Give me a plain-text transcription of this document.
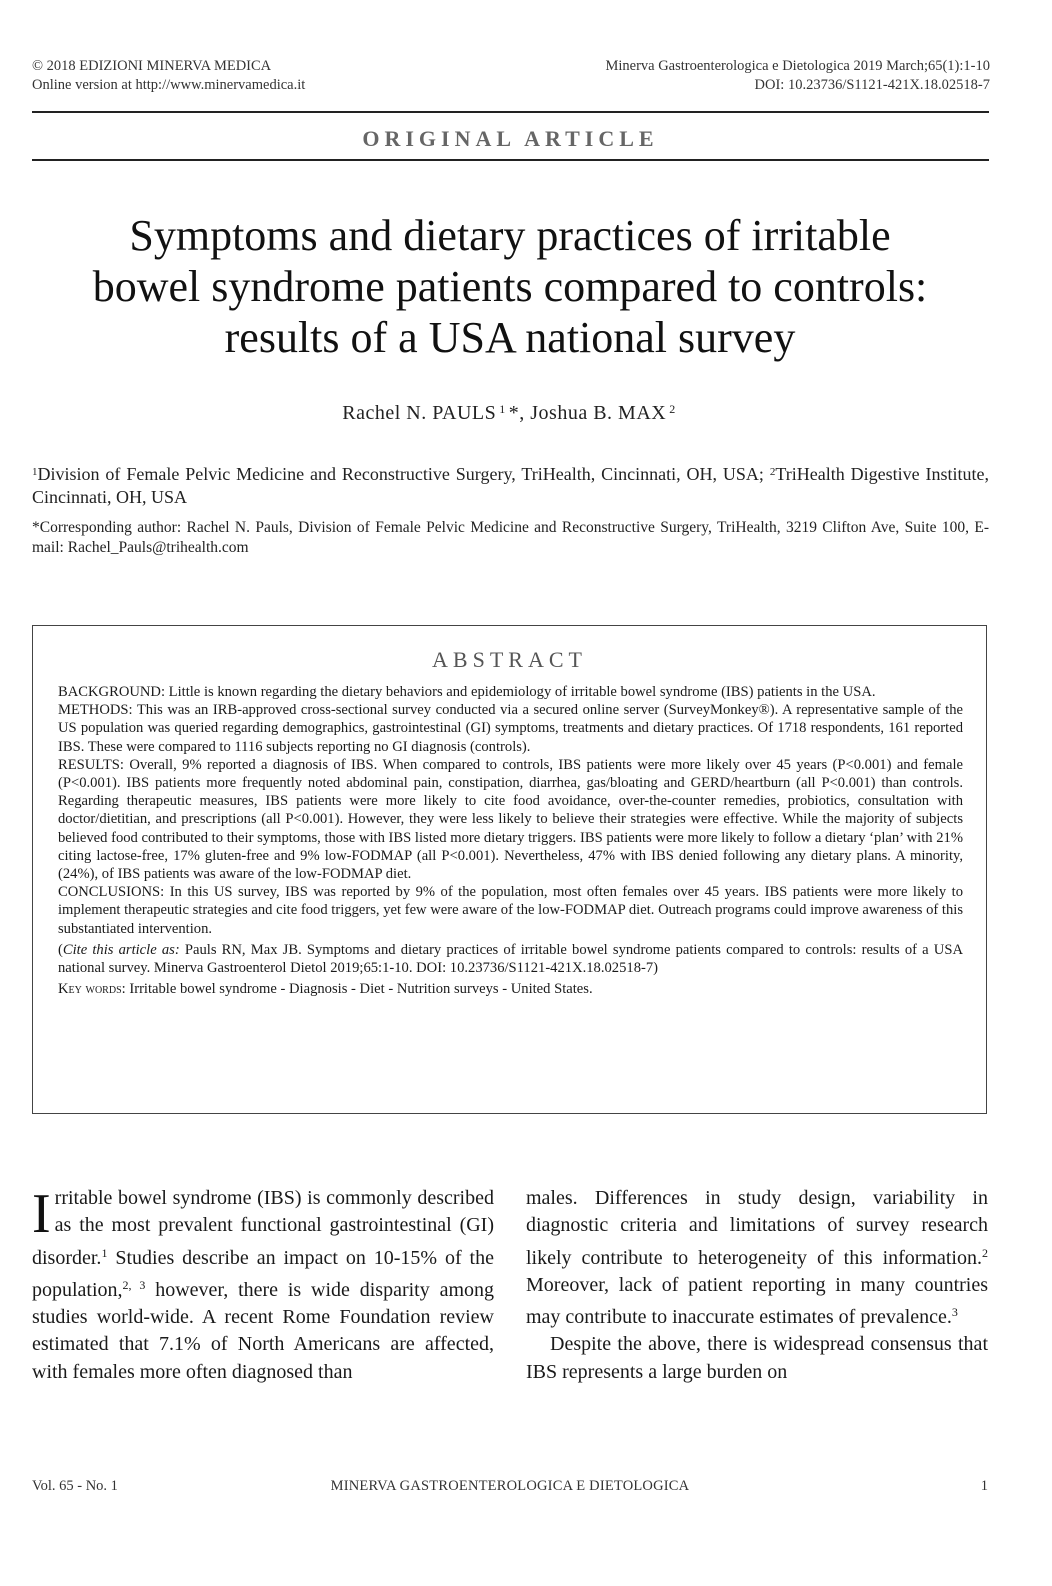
© 2018 EDIZIONI MINERVA MEDICA
Online version at http://www.minervamedica.it
Minerva Gastroenterologica e Dietologica 2019 March;65(1):1-10
DOI: 10.23736/S1121-421X.18.02518-7
ORIGINAL ARTICLE
Symptoms and dietary practices of irritable
bowel syndrome patients compared to controls:
results of a USA national survey
Rachel N. PAULS $^1$ *, Joshua B. MAX $^2$
$^1$Division of Female Pelvic Medicine and Reconstructive Surgery, TriHealth, Cincinnati, OH, USA; $^2$TriHealth Digestive Institute, Cincinnati, OH, USA
*Corresponding author: Rachel N. Pauls, Division of Female Pelvic Medicine and Reconstructive Surgery, TriHealth, 3219 Clifton Ave, Suite 100, E-mail: Rachel_Pauls@trihealth.com
ABSTRACT

BACKGROUND: Little is known regarding the dietary behaviors and epidemiology of irritable bowel syndrome (IBS) patients in the USA.

METHODS: This was an IRB-approved cross-sectional survey conducted via a secured online server (SurveyMonkey®). A representative sample of the US population was queried regarding demographics, gastrointestinal (GI) symptoms, treatments and dietary practices. Of 1718 respondents, 161 reported IBS. These were compared to 1116 subjects reporting no GI diagnosis (controls).

RESULTS: Overall, 9% reported a diagnosis of IBS. When compared to controls, IBS patients were more likely over 45 years (P<0.001) and female (P<0.001). IBS patients more frequently noted abdominal pain, constipation, diarrhea, gas/bloating and GERD/heartburn (all P<0.001) than controls. Regarding therapeutic measures, IBS patients were more likely to cite food avoidance, over-the-counter remedies, probiotics, consultation with doctor/dietitian, and prescriptions (all P<0.001). However, they were less likely to believe their strategies were effective. While the majority of subjects believed food contributed to their symptoms, those with IBS listed more dietary triggers. IBS patients were more likely to follow a dietary ‘plan’ with 21% citing lactose-free, 17% gluten-free and 9% low-FODMAP (all P<0.001). Nevertheless, 47% with IBS denied following any dietary plans. A minority, (24%), of IBS patients was aware of the low-FODMAP diet.

CONCLUSIONS: In this US survey, IBS was reported by 9% of the population, most often females over 45 years. IBS patients were more likely to implement therapeutic strategies and cite food triggers, yet few were aware of the low-FODMAP diet. Outreach programs could improve awareness of this substantiated intervention.

(Cite this article as: Pauls RN, Max JB. Symptoms and dietary practices of irritable bowel syndrome patients compared to controls: results of a USA national survey. Minerva Gastroenterol Dietol 2019;65:1-10. DOI: 10.23736/S1121-421X.18.02518-7)

Key words: Irritable bowel syndrome - Diagnosis - Diet - Nutrition surveys - United States.

Irritable bowel syndrome (IBS) is commonly described as the most prevalent functional gastrointestinal (GI) disorder.$^1$ Studies describe an impact on 10-15% of the population,$^{2, 3}$ however, there is wide disparity among studies world-wide. A recent Rome Foundation review estimated that 7.1% of North Americans are affected, with females more often diagnosed than

males. Differences in study design, variability in diagnostic criteria and limitations of survey research likely contribute to heterogeneity of this information.$^2$ Moreover, lack of patient reporting in many countries may contribute to inaccurate estimates of prevalence.$^3$

Despite the above, there is widespread consensus that IBS represents a large burden on

Vol. 65 - No. 1	MINERVA GASTROENTEROLOGICA E DIETOLOGICA	1
